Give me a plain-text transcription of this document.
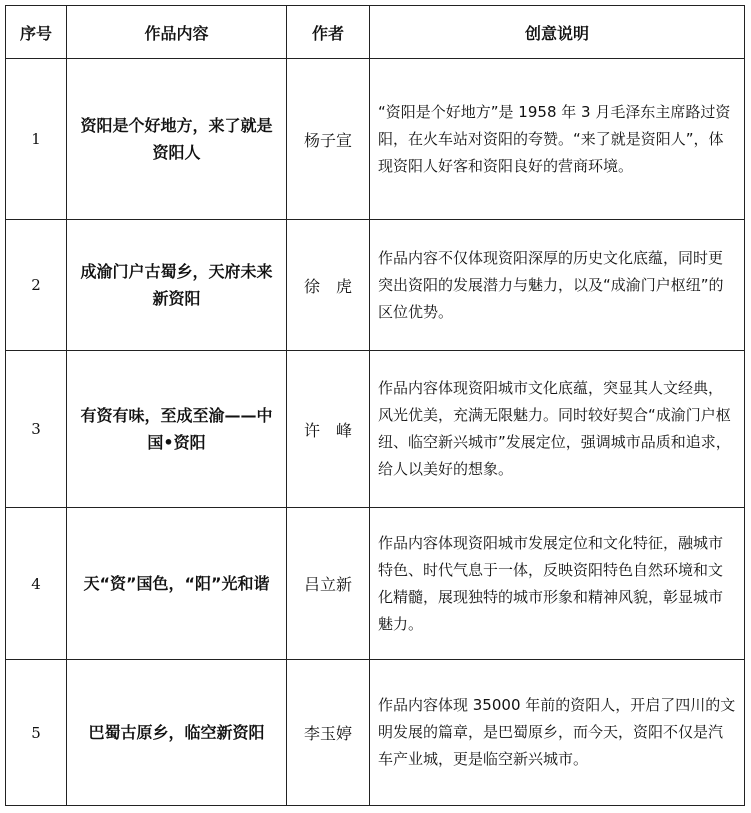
序号	作品内容	作者	创意说明
1	资阳是个好地方，来了就是资阳人	杨子宣	“资阳是个好地方”是 1958 年 3 月毛泽东主席路过资阳，在火车站对资阳的夸赞。“来了就是资阳人”，体现资阳人好客和资阳良好的营商环境。
2	成渝门户古蜀乡，天府未来新资阳	徐　虎	作品内容不仅体现资阳深厚的历史文化底蕴，同时更突出资阳的发展潜力与魅力，以及“成渝门户枢纽”的区位优势。
3	有资有味，至成至渝——中国•资阳	许　峰	作品内容体现资阳城市文化底蕴，突显其人文经典，风光优美，充满无限魅力。同时较好契合“成渝门户枢纽、临空新兴城市”发展定位，强调城市品质和追求，给人以美好的想象。
4	天“资”国色，“阳”光和谐	吕立新	作品内容体现资阳城市发展定位和文化特征，融城市特色、时代气息于一体，反映资阳特色自然环境和文化精髓，展现独特的城市形象和精神风貌，彰显城市魅力。
5	巴蜀古原乡，临空新资阳	李玉婷	作品内容体现 35000 年前的资阳人，开启了四川的文明发展的篇章，是巴蜀原乡，而今天，资阳不仅是汽车产业城，更是临空新兴城市。
